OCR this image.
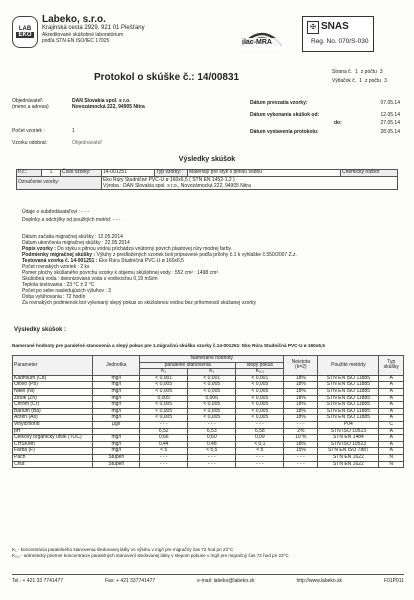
LAB
EKO
Labeko, s.r.o.
Krajinská cesta 2929, 921 01 Piešťany
Akreditované skúšobné laboratórium
podľa STN EN ISO/IEC 17025	ilac-MRA
✠ SNAS
Reg. No. 070/S-030
Protokol o skúške č.: 14/00831	Strana č. 1 z počtu 3
Výtlačok č. 1 z počtu 3
Objednávateľ:
(meno a adresa)
DAN Slovakia spol. s r.o.
Novozámocká 222, 94905 Nitra
Počet vzoriek :	1
Vzorku odobral:	Objednávateľ
Dátum prevzatia vzorky:	07.05.14
Dátum vykonania skúšok od:	12.05.14
do:	27.05.14
Dátum vystavenia protokolu:	28.05.14
Výsledky skúšok
P.č.:	1	Číslo vzorky:	14-001251	Typ vzorky:	Materiály pre styk s pitnou vodou	Chemický rozbor
Označenie vzorky:			Eko Rúry Studničné PVC-U ø 160x6,5 ( STN EN 1452-1,2 )
Výroba : DAN Slovakia spol. s r.o., Novozámocká 222, 94905 Nitra			
Údaje o subdodávateľovi : - - -
Doplnky a odchýlky od použitých metód: - - -
Dátum začatia migračnej skúšky : 12.05.2014
Dátum ukončenia migračnej skúšky : 22.05.2014
Popis vzorky : Do styku s pitnou vodou prichádza vnútorný povrch plastovej rúry modrej farby.
Podmienky migračnej skúšky : Výluhy z predložených vzoriek boli pripravené podľa prílohy č.1 k vyhláške č.550/2007 Z.z.
Testovaná vzorka č. 14-001251 : Eko Rúra Studničná PVC-U ø 160x6,5
Počet rovnakých vzoriek : 2 ks
Pomer plochy skúšaného povrchu vzorky k objemu skúšobnej vody : 552 cm² : 1498 cm³
Skúšobná voda : deionizovaná voda s vodivosťou 0,19 mS/m
Teplota testovania : 23 °C ± 2 °C
Počet po sebe nasledujúcich výluhov : 3
Doba vylúhovania : 72 hodín
Za rovnakých podmienok bol vykonaný slepý pokus so skúšobnou vodou bez prítomnosti skúšanej vzorky
Výsledky skúšok :
Namerané hodnoty pre paralelné stanovenia a slepý pokus pre 1.migračnú skúšku vzorky č.14-001251: Eko Rúra Studničná PVC-U ø 160x6,5
Parameter	Jednotka	Namerané hodnoty			Neistota (k=2)	Použité metódy	Typ skúšky
		paralelné stanovenia		slepý pokus			
		K₁	K₁	K₀,₁			
Kadmium (Cd)	mg/l	< 0,001	< 0,001	< 0,001	18%	STN EN ISO 11885	A
Olovo (Pb)	mg/l	< 0,005	< 0,005	< 0,005	18%	STN EN ISO 11885	A
Nikel (Ni)	mg/l	< 0,005	< 0,005	< 0,005	18%	STN EN ISO 11885	A
Zinok (Zn)	mg/l	0,005	0,006	< 0,005	18%	STN EN ISO 11885	A
Chróm (Cr)	mg/l	< 0,005	< 0,005	< 0,005	18%	STN EN ISO 11885	A
Bárium (Ba)	mg/l	< 0,005	< 0,005	< 0,005	18%	STN EN ISO 11885	A
Arzén (As)	mg/l	< 0,005	< 0,005	< 0,005	18%	STN EN ISO 11885	A
Vinylchlorid	µg/l	- - -	- - -	- - -	- - -	P04	C
pH		6,52	6,53	6,58	2%	STN ISO 10523	A
Celkový organický uhlík (TOC)	mg/l	0,66	0,60	0,09	10 %	STN EN 1484	A
CHSKMn	mg/l	0,44	0,48	< 0,1	18%	STN ISO 10523	A
Farba (F)	mg/l	< 5	< 5,5	< 5	15%	STN EN ISO 7887	A
Pach	Stupeň	- - -	- - -	- - -	- - -	STN EN 1622	N
Chuť	Stupeň	- - -	- - -	- - -	- - -	STN EN 1622	N
K₁ - koncentrácia paralelného stanovenia sledovanej látky vo výluhu v mg/l pre migračný čas 72 hod pri 23°C
K₀,₁ - aritmetický priemer koncentrácie paralelných stanovení sledovanej látky v slepom pokuse v mg/l pre migračný čas 72 hod pri 23°C
Tel.: + 421 33 7741477	Fax: + 421 337741477	e-mail: labeko@labeko.sk	http://www.labeko.sk	F01P011
